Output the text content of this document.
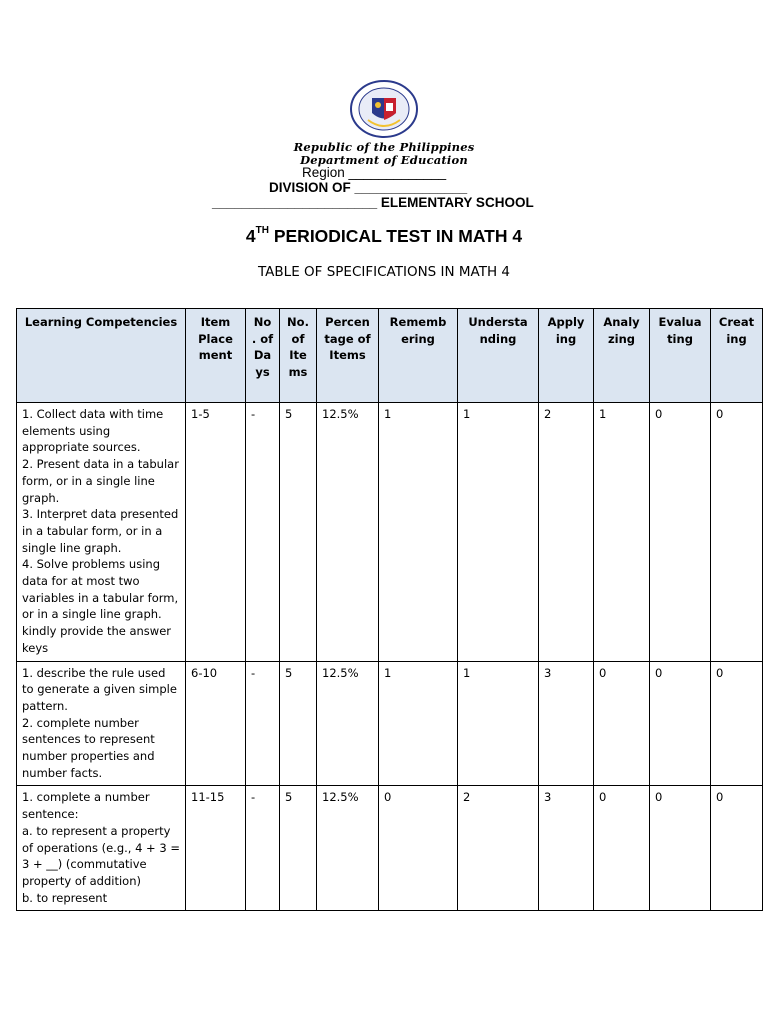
Republic of the Philippines
Department of Education
Region _____________
DIVISION OF _______________
______________________ ELEMENTARY SCHOOL
4TH PERIODICAL TEST IN MATH 4
TABLE OF SPECIFICATIONS IN MATH 4
Learning Competencies	Item Place ment	No . of Da ys	No. of Ite ms	Percen tage of Items	Rememb ering	Understa nding	Apply ing	Analy zing	Evalua ting	Creat ing
1. Collect data with time elements using appropriate sources.
2. Present data in a tabular form, or in a single line graph.
3. Interpret data presented in a tabular form, or in a single line graph.
4. Solve problems using data for at most two variables in a tabular form, or in a single line graph.
kindly provide the answer keys	1-5	-	5	12.5%	1	1	2	1	0	0
1. describe the rule used to generate a given simple pattern.
2. complete number sentences to represent number properties and number facts.	6-10	-	5	12.5%	1	1	3	0	0	0
1. complete a number sentence:
a. to represent a property of operations (e.g., 4 + 3 = 3 + __) (commutative property of addition)
b. to represent	11-15	-	5	12.5%	0	2	3	0	0	0
